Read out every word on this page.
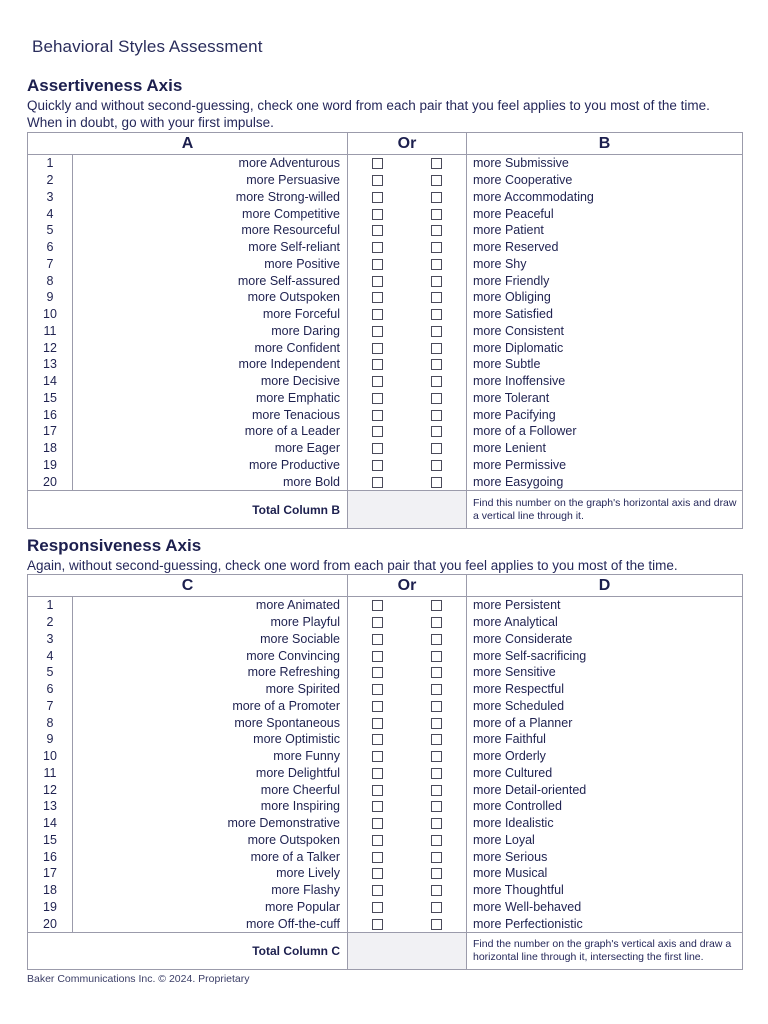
Behavioral Styles Assessment
Assertiveness Axis
Quickly and without second-guessing, check one word from each pair that you feel applies to you most of the time. When in doubt, go with your first impulse.
A		Or	B
1	more Adventurous		more Submissive
2	more Persuasive		more Cooperative
3	more Strong-willed		more Accommodating
4	more Competitive		more Peaceful
5	more Resourceful		more Patient
6	more Self-reliant		more Reserved
7	more Positive		more Shy
8	more Self-assured		more Friendly
9	more Outspoken		more Obliging
10	more Forceful		more Satisfied
11	more Daring		more Consistent
12	more Confident		more Diplomatic
13	more Independent		more Subtle
14	more Decisive		more Inoffensive
15	more Emphatic		more Tolerant
16	more Tenacious		more Pacifying
17	more of a Leader		more of a Follower
18	more Eager		more Lenient
19	more Productive		more Permissive
20	more Bold		more Easygoing
Total Column B			Find this number on the graph's horizontal axis and draw a vertical line through it.
Responsiveness Axis
Again, without second-guessing, check one word from each pair that you feel applies to you most of the time.
C		Or	D
1	more Animated		more Persistent
2	more Playful		more Analytical
3	more Sociable		more Considerate
4	more Convincing		more Self-sacrificing
5	more Refreshing		more Sensitive
6	more Spirited		more Respectful
7	more of a Promoter		more Scheduled
8	more Spontaneous		more of a Planner
9	more Optimistic		more Faithful
10	more Funny		more Orderly
11	more Delightful		more Cultured
12	more Cheerful		more Detail-oriented
13	more Inspiring		more Controlled
14	more Demonstrative		more Idealistic
15	more Outspoken		more Loyal
16	more of a Talker		more Serious
17	more Lively		more Musical
18	more Flashy		more Thoughtful
19	more Popular		more Well-behaved
20	more Off-the-cuff		more Perfectionistic
Total Column C			Find the number on the graph's vertical axis and draw a horizontal line through it, intersecting the first line.
Baker Communications Inc. © 2024. Proprietary
